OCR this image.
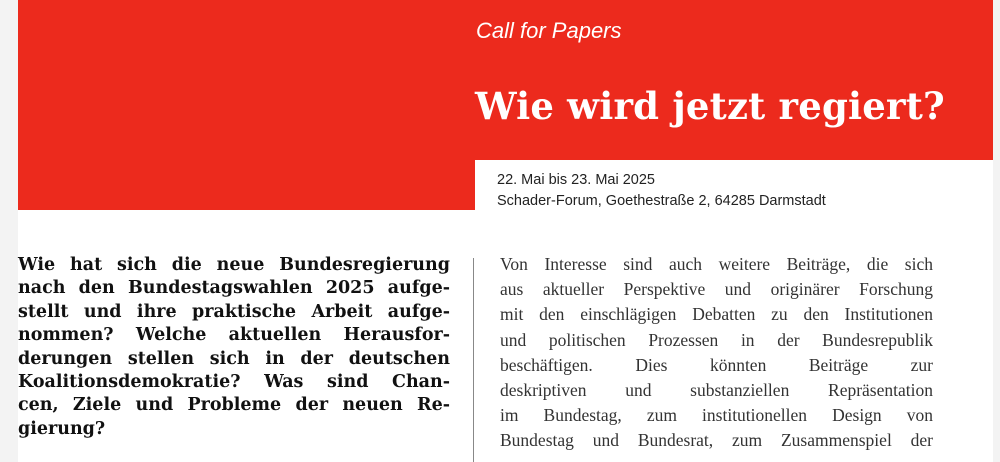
Call for Papers

Wie wird jetzt regiert?
22. Mai bis 23. Mai 2025
Schader-Forum, Goethestraße 2, 64285 Darmstadt
Wie hat sich die neue Bundesregierung
nach den Bundestagswahlen 2025 aufge-
stellt und ihre praktische Arbeit aufge-
nommen? Welche aktuellen Herausfor-
derungen stellen sich in der deutschen
Koalitionsdemokratie? Was sind Chan-
cen, Ziele und Probleme der neuen Re-
gierung?
Von Interesse sind auch weitere Beiträge, die sich
aus aktueller Perspektive und originärer Forschung
mit den einschlägigen Debatten zu den Institutionen
und politischen Prozessen in der Bundesrepublik
beschäftigen. Dies könnten Beiträge zur
deskriptiven und substanziellen Repräsentation
im Bundestag, zum institutionellen Design von
Bundestag und Bundesrat, zum Zusammenspiel der
